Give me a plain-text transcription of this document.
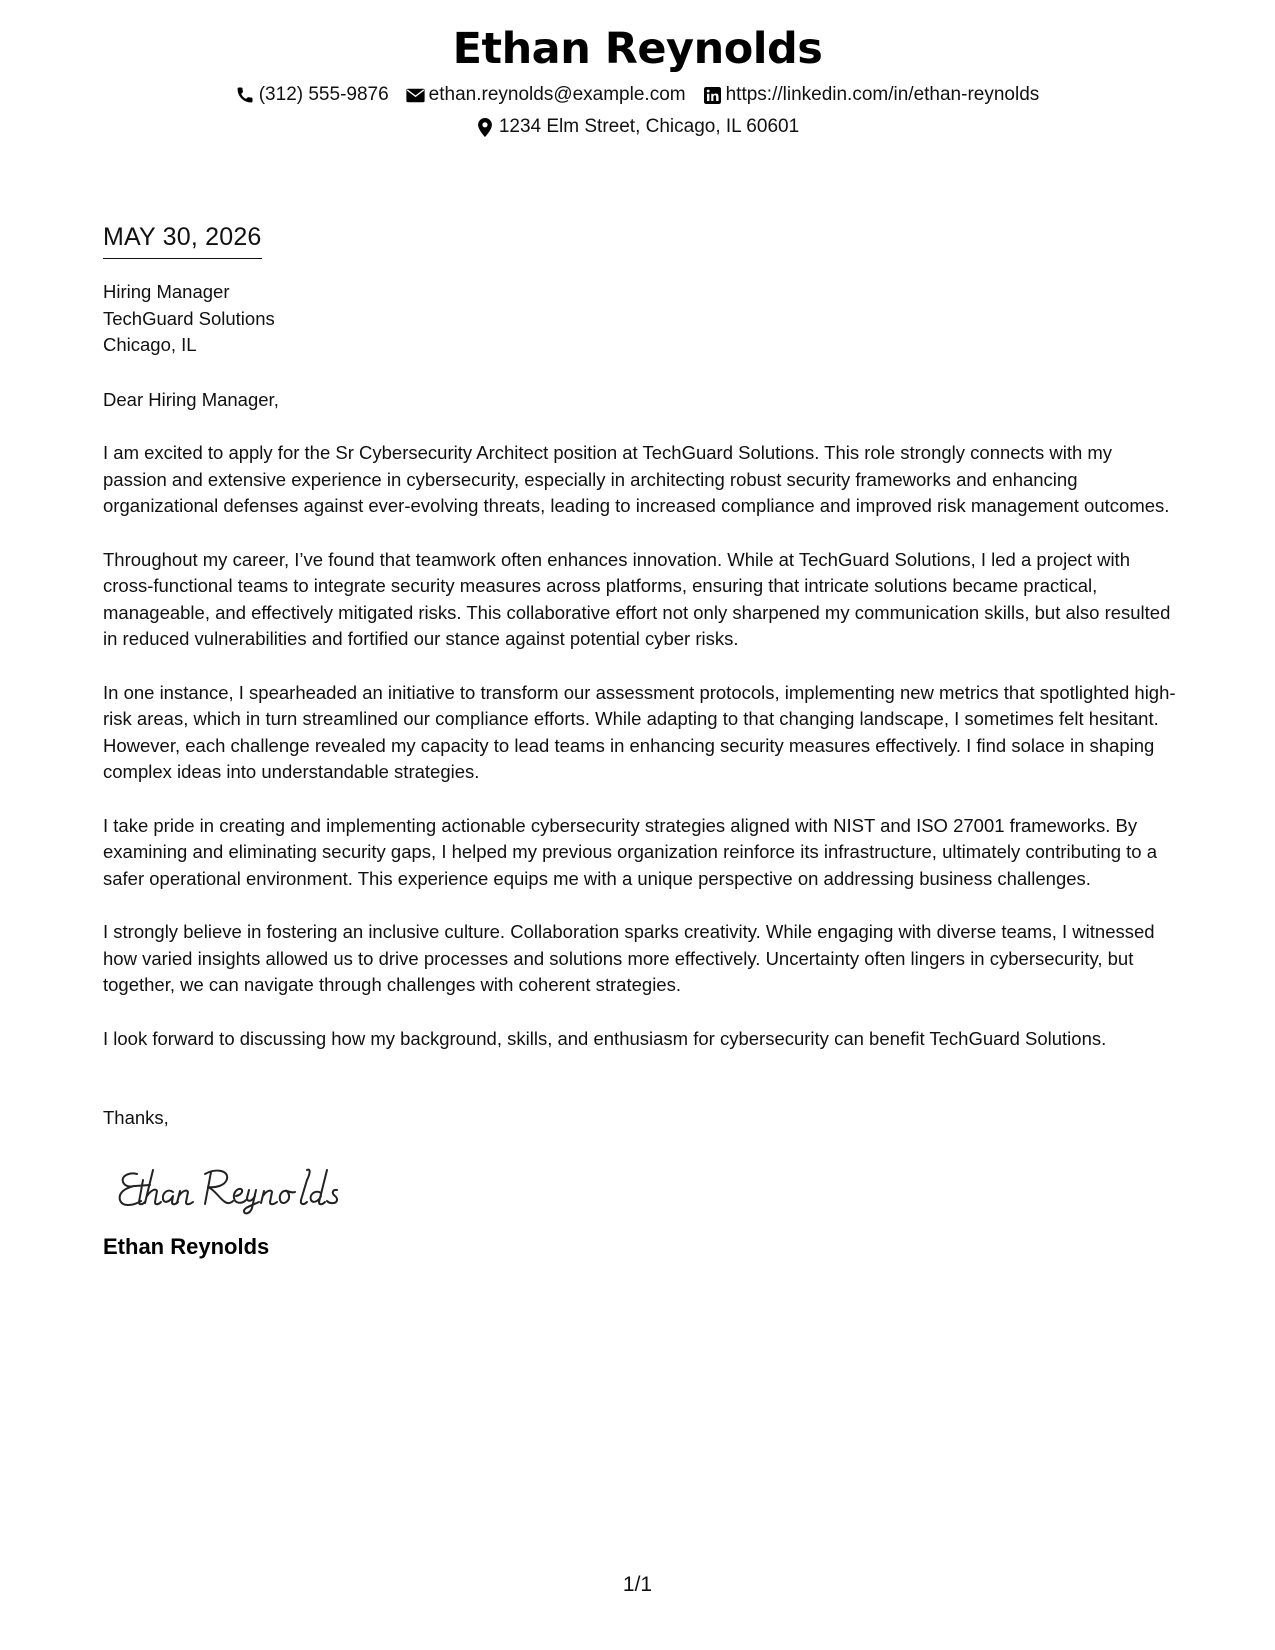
Ethan Reynolds
(312) 555-9876 ethan.reynolds@example.com https://linkedin.com/in/ethan-reynolds
1234 Elm Street, Chicago, IL 60601
MAY 30, 2026
Hiring Manager
TechGuard Solutions
Chicago, IL
Dear Hiring Manager,
I am excited to apply for the Sr Cybersecurity Architect position at TechGuard Solutions. This role strongly connects with my passion and extensive experience in cybersecurity, especially in architecting robust security frameworks and enhancing organizational defenses against ever-evolving threats, leading to increased compliance and improved risk management outcomes.
Throughout my career, I’ve found that teamwork often enhances innovation. While at TechGuard Solutions, I led a project with cross-functional teams to integrate security measures across platforms, ensuring that intricate solutions became practical, manageable, and effectively mitigated risks. This collaborative effort not only sharpened my communication skills, but also resulted in reduced vulnerabilities and fortified our stance against potential cyber risks.
In one instance, I spearheaded an initiative to transform our assessment protocols, implementing new metrics that spotlighted high-risk areas, which in turn streamlined our compliance efforts. While adapting to that changing landscape, I sometimes felt hesitant. However, each challenge revealed my capacity to lead teams in enhancing security measures effectively. I find solace in shaping complex ideas into understandable strategies.
I take pride in creating and implementing actionable cybersecurity strategies aligned with NIST and ISO 27001 frameworks. By examining and eliminating security gaps, I helped my previous organization reinforce its infrastructure, ultimately contributing to a safer operational environment. This experience equips me with a unique perspective on addressing business challenges.
I strongly believe in fostering an inclusive culture. Collaboration sparks creativity. While engaging with diverse teams, I witnessed how varied insights allowed us to drive processes and solutions more effectively. Uncertainty often lingers in cybersecurity, but together, we can navigate through challenges with coherent strategies.
I look forward to discussing how my background, skills, and enthusiasm for cybersecurity can benefit TechGuard Solutions.
Thanks,
Ethan Reynolds
1/1
